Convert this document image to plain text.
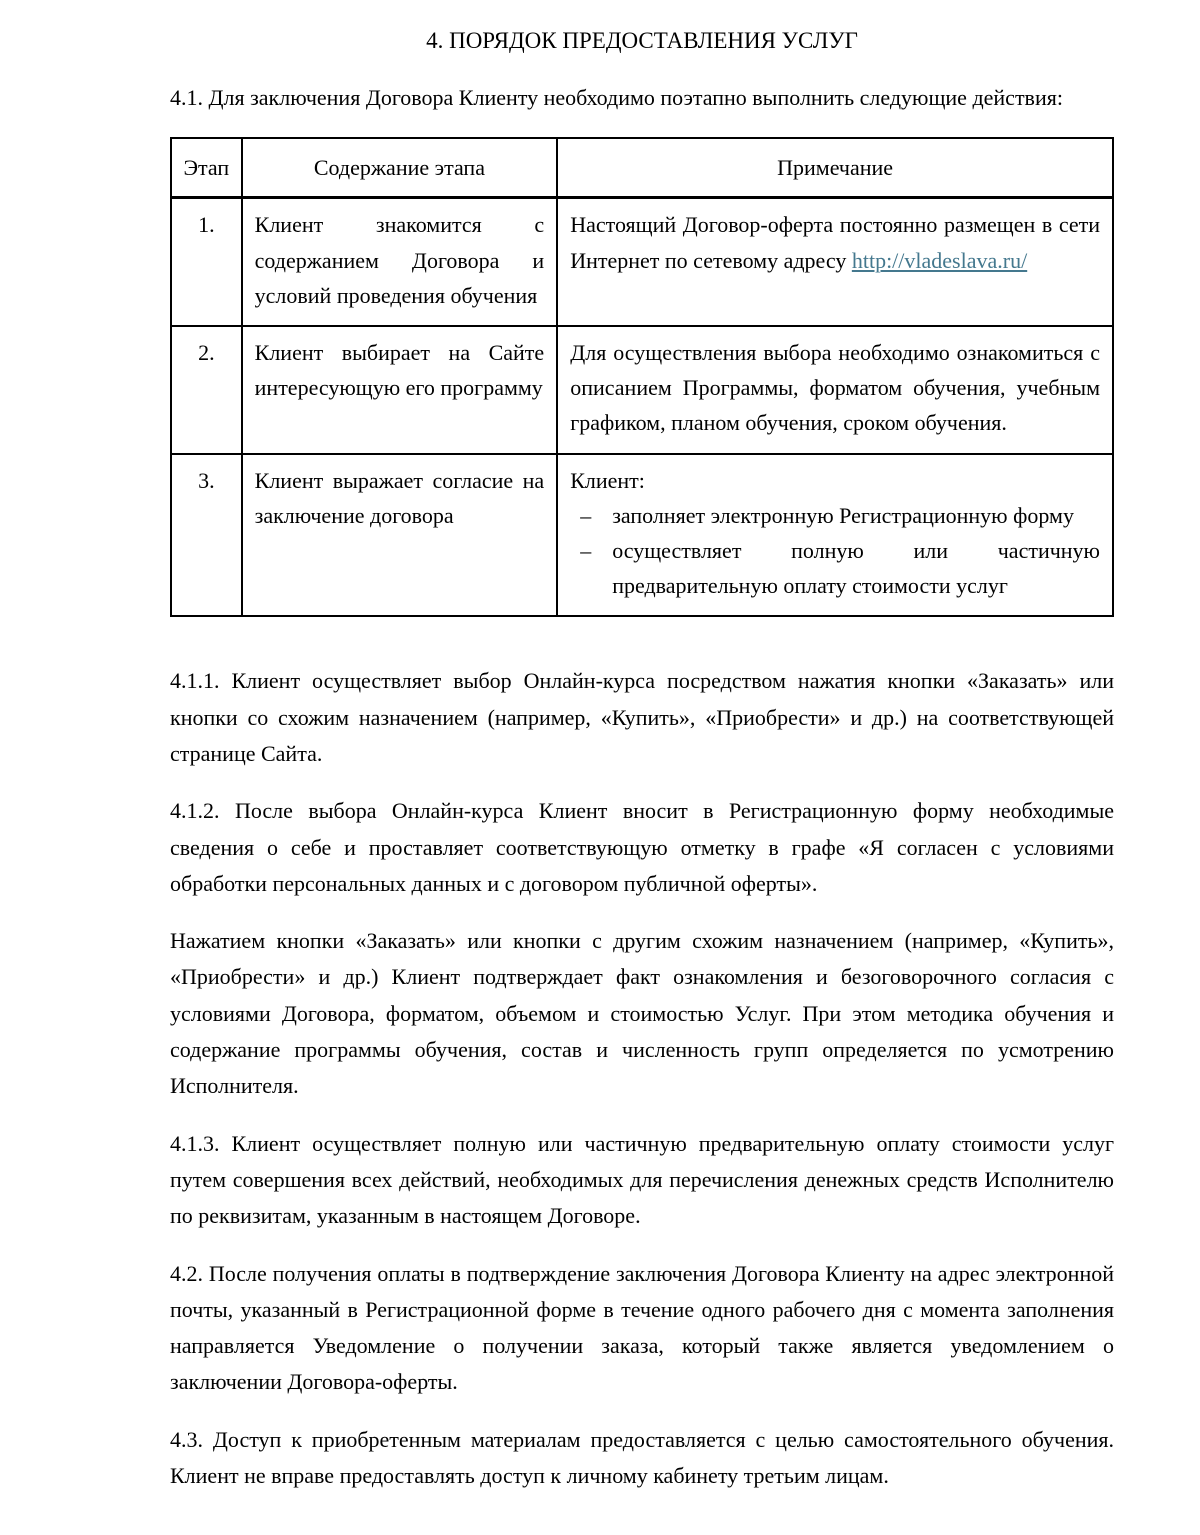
4. ПОРЯДОК ПРЕДОСТАВЛЕНИЯ УСЛУГ

4.1. Для заключения Договора Клиенту необходимо поэтапно выполнить следующие действия:

Этап	Содержание этапа	Примечание
1.	Клиент знакомится с содержанием Договора и условий проведения обучения	Настоящий Договор-оферта постоянно размещен в сети Интернет по сетевому адресу http://vladeslava.ru/
2.	Клиент выбирает на Сайте интересующую его программу	Для осуществления выбора необходимо ознакомиться с описанием Программы, форматом обучения, учебным графиком, планом обучения, сроком обучения.
3.	Клиент выражает согласие на заключение договора	Клиент:
– заполняет электронную Регистрационную форму
– осуществляет полную или частичную предварительную оплату стоимости услуг

4.1.1. Клиент осуществляет выбор Онлайн-курса посредством нажатия кнопки «Заказать» или кнопки со схожим назначением (например, «Купить», «Приобрести» и др.) на соответствующей странице Сайта.

4.1.2. После выбора Онлайн-курса Клиент вносит в Регистрационную форму необходимые сведения о себе и проставляет соответствующую отметку в графе «Я согласен с условиями обработки персональных данных и с договором публичной оферты».

Нажатием кнопки «Заказать» или кнопки с другим схожим назначением (например, «Купить», «Приобрести» и др.) Клиент подтверждает факт ознакомления и безоговорочного согласия с условиями Договора, форматом, объемом и стоимостью Услуг. При этом методика обучения и содержание программы обучения, состав и численность групп определяется по усмотрению Исполнителя.

4.1.3. Клиент осуществляет полную или частичную предварительную оплату стоимости услуг путем совершения всех действий, необходимых для перечисления денежных средств Исполнителю по реквизитам, указанным в настоящем Договоре.

4.2. После получения оплаты в подтверждение заключения Договора Клиенту на адрес электронной почты, указанный в Регистрационной форме в течение одного рабочего дня с момента заполнения направляется Уведомление о получении заказа, который также является уведомлением о заключении Договора-оферты.

4.3. Доступ к приобретенным материалам предоставляется с целью самостоятельного обучения. Клиент не вправе предоставлять доступ к личному кабинету третьим лицам.
